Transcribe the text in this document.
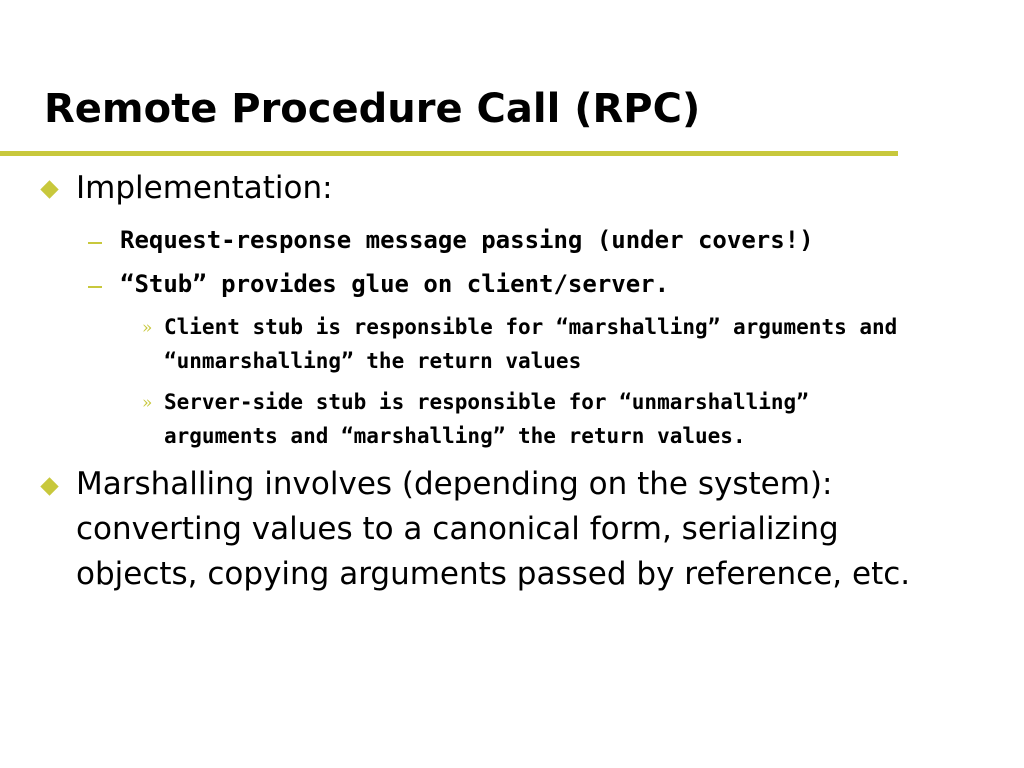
Remote Procedure Call (RPC)
Implementation:
Request-response message passing (under covers!)
“Stub” provides glue on client/server.
» Client stub is responsible for “marshalling” arguments and
“unmarshalling” the return values
» Server-side stub is responsible for “unmarshalling”
arguments and “marshalling” the return values.
Marshalling involves (depending on the system):
converting values to a canonical form, serializing
objects, copying arguments passed by reference, etc.
